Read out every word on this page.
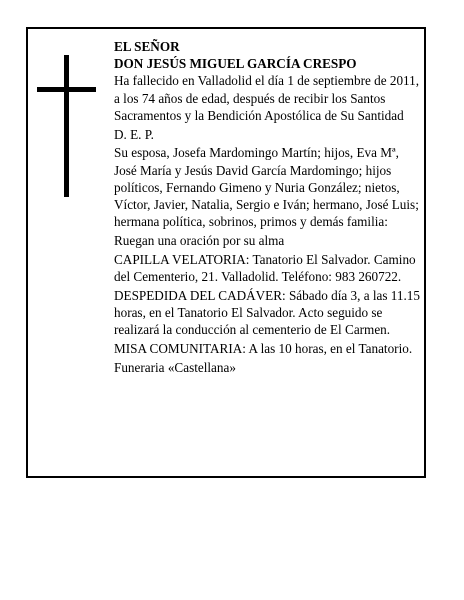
EL SEÑOR
DON JESÚS MIGUEL GARCÍA CRESPO

Ha fallecido en Valladolid el día 1 de septiembre de 2011, a los 74 años de edad, después de recibir los Santos Sacramentos y la Bendición Apostólica de Su Santidad

D. E. P.

Su esposa, Josefa Mardomingo Martín; hijos, Eva Mª, José María y Jesús David García Mardomingo; hijos políticos, Fernando Gimeno y Nuria González; nietos, Víctor, Javier, Natalia, Sergio e Iván; hermano, José Luis; hermana política, sobrinos, primos y demás familia:

Ruegan una oración por su alma

CAPILLA VELATORIA: Tanatorio El Salvador. Camino del Cementerio, 21. Valladolid. Teléfono: 983 260722.

DESPEDIDA DEL CADÁVER: Sábado día 3, a las 11.15 horas, en el Tanatorio El Salvador. Acto seguido se realizará la conducción al cementerio de El Carmen.

MISA COMUNITARIA: A las 10 horas, en el Tanatorio.

Funeraria «Castellana»
